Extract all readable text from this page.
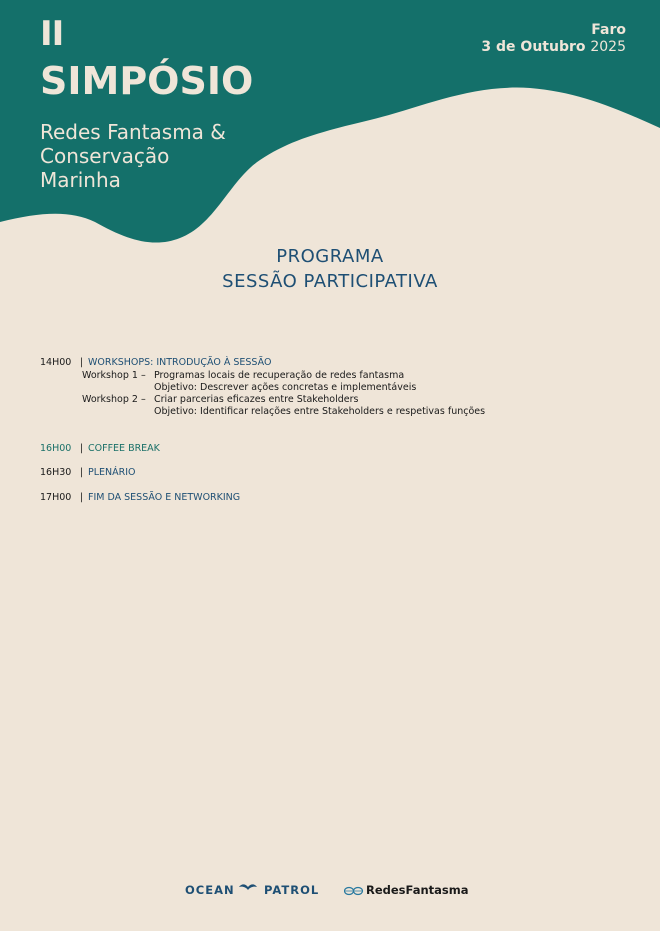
II
SIMPÓSIO
Redes Fantasma &
Conservação
Marinha
Faro
3 de Outubro 2025
PROGRAMA
SESSÃO PARTICIPATIVA
14H00 | WORKSHOPS: INTRODUÇÃO À SESSÃO
Workshop 1 – Programas locais de recuperação de redes fantasma
Objetivo: Descrever ações concretas e implementáveis
Workshop 2 – Criar parcerias eficazes entre Stakeholders
Objetivo: Identificar relações entre Stakeholders e respetivas funções
16H00 | COFFEE BREAK
16H30 | PLENÁRIO
17H00 | FIM DA SESSÃO E NETWORKING
OCEAN	PATROL	RedesFantasma
